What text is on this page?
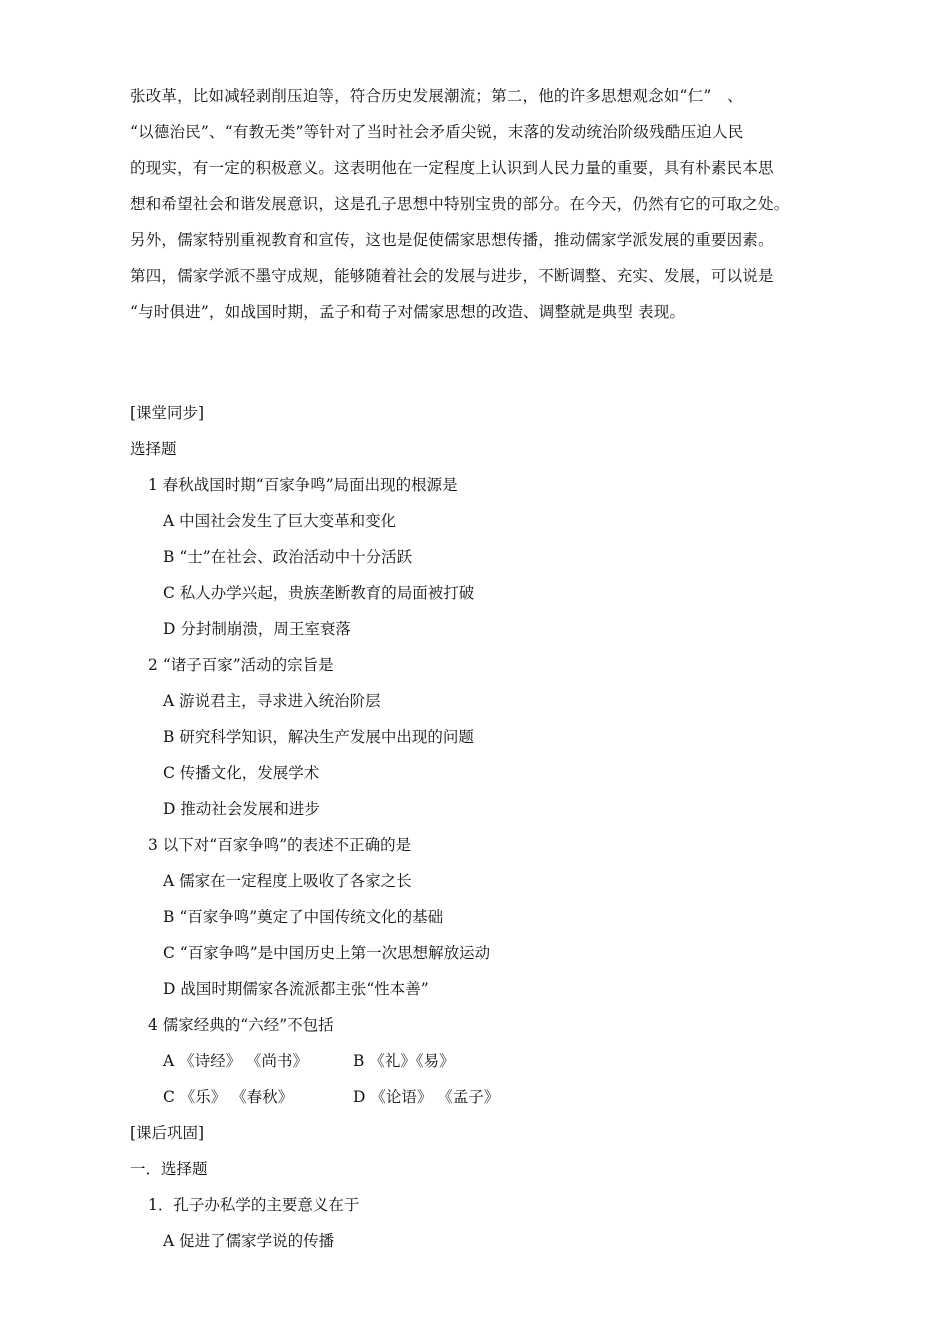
张改革，比如减轻剥削压迫等，符合历史发展潮流；第二，他的许多思想观念如“仁”　、
“以德治民”、“有教无类”等针对了当时社会矛盾尖锐，末落的发动统治阶级残酷压迫人民
的现实，有一定的积极意义。这表明他在一定程度上认识到人民力量的重要，具有朴素民本思
想和希望社会和谐发展意识，这是孔子思想中特别宝贵的部分。在今天，仍然有它的可取之处。
另外，儒家特别重视教育和宣传，这也是促使儒家思想传播，推动儒家学派发展的重要因素。
第四，儒家学派不墨守成规，能够随着社会的发展与进步，不断调整、充实、发展，可以说是
“与时俱进”，如战国时期，孟子和荀子对儒家思想的改造、调整就是典型 表现。
[课堂同步]
选择题
1 春秋战国时期“百家争鸣”局面出现的根源是
A 中国社会发生了巨大变革和变化
B “士”在社会、政治活动中十分活跃
C 私人办学兴起，贵族垄断教育的局面被打破
D 分封制崩溃，周王室衰落
2 “诸子百家”活动的宗旨是
A 游说君主，寻求进入统治阶层
B 研究科学知识，解决生产发展中出现的问题
C 传播文化，发展学术
D 推动社会发展和进步
3 以下对“百家争鸣”的表述不正确的是
A 儒家在一定程度上吸收了各家之长
B “百家争鸣”奠定了中国传统文化的基础
C “百家争鸣”是中国历史上第一次思想解放运动
D 战国时期儒家各流派都主张“性本善”
4 儒家经典的“六经”不包括
A 《诗经》 《尚书》	B 《礼》《易》
C 《乐》 《春秋》	D 《论语》 《孟子》
[课后巩固]
一．选择题
1．孔子办私学的主要意义在于
A 促进了儒家学说的传播
